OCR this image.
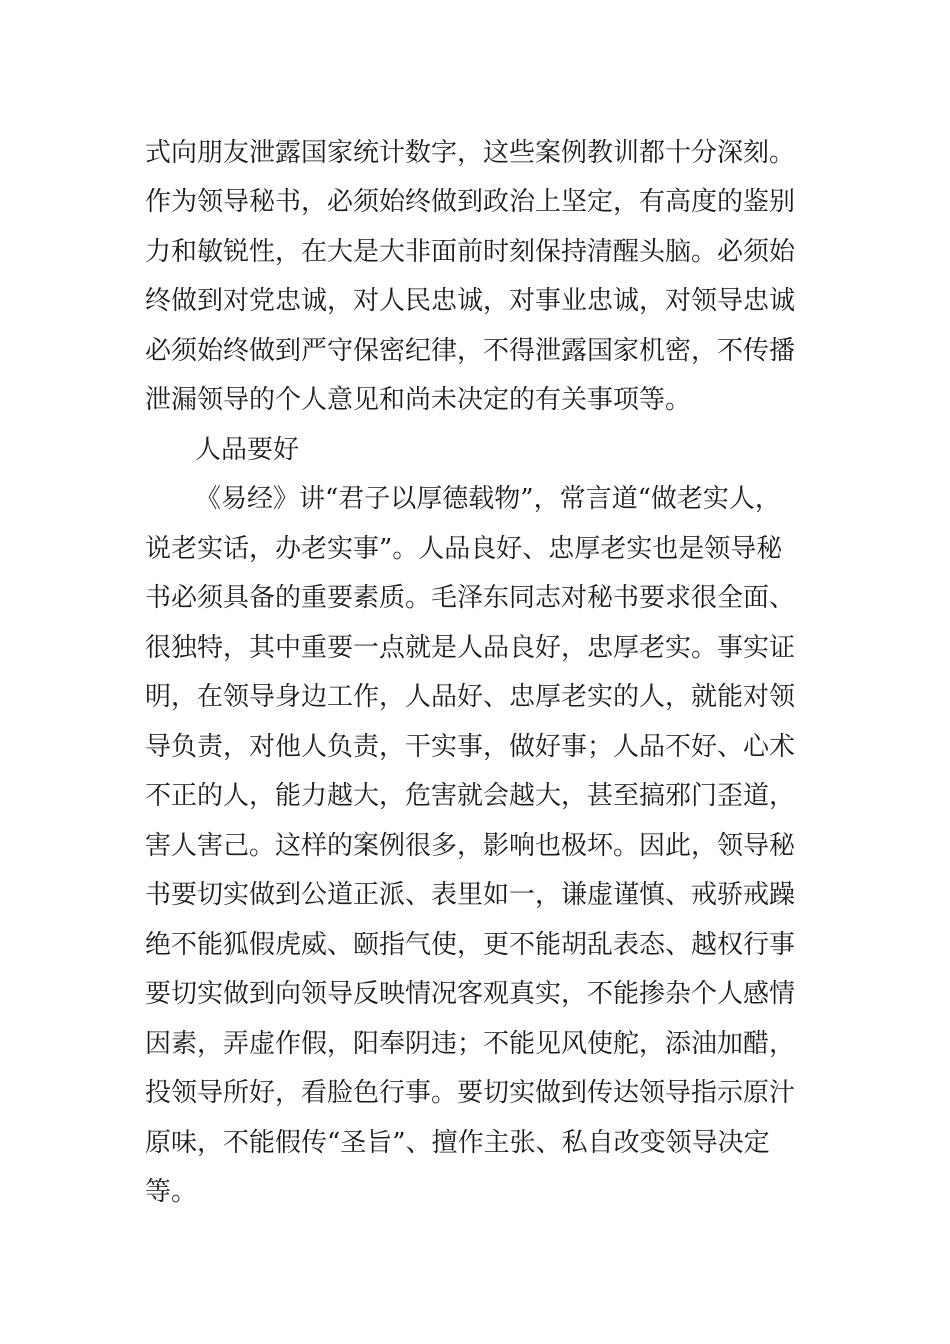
式向朋友泄露国家统计数字，这些案例教训都十分深刻。

作为领导秘书，必须始终做到政治上坚定，有高度的鉴别

力和敏锐性，在大是大非面前时刻保持清醒头脑。必须始

终做到对党忠诚，对人民忠诚，对事业忠诚，对领导忠诚

必须始终做到严守保密纪律，不得泄露国家机密，不传播

泄漏领导的个人意见和尚未决定的有关事项等。

人品要好

《易经》讲“君子以厚德载物”，常言道“做老实人，

说老实话，办老实事”。人品良好、忠厚老实也是领导秘

书必须具备的重要素质。毛泽东同志对秘书要求很全面、

很独特，其中重要一点就是人品良好，忠厚老实。事实证

明，在领导身边工作，人品好、忠厚老实的人，就能对领

导负责，对他人负责，干实事，做好事；人品不好、心术

不正的人，能力越大，危害就会越大，甚至搞邪门歪道，

害人害己。这样的案例很多，影响也极坏。因此，领导秘

书要切实做到公道正派、表里如一，谦虚谨慎、戒骄戒躁

绝不能狐假虎威、颐指气使，更不能胡乱表态、越权行事

要切实做到向领导反映情况客观真实，不能掺杂个人感情

因素，弄虚作假，阳奉阴违；不能见风使舵，添油加醋，

投领导所好，看脸色行事。要切实做到传达领导指示原汁

原味，不能假传“圣旨”、擅作主张、私自改变领导决定

等。
